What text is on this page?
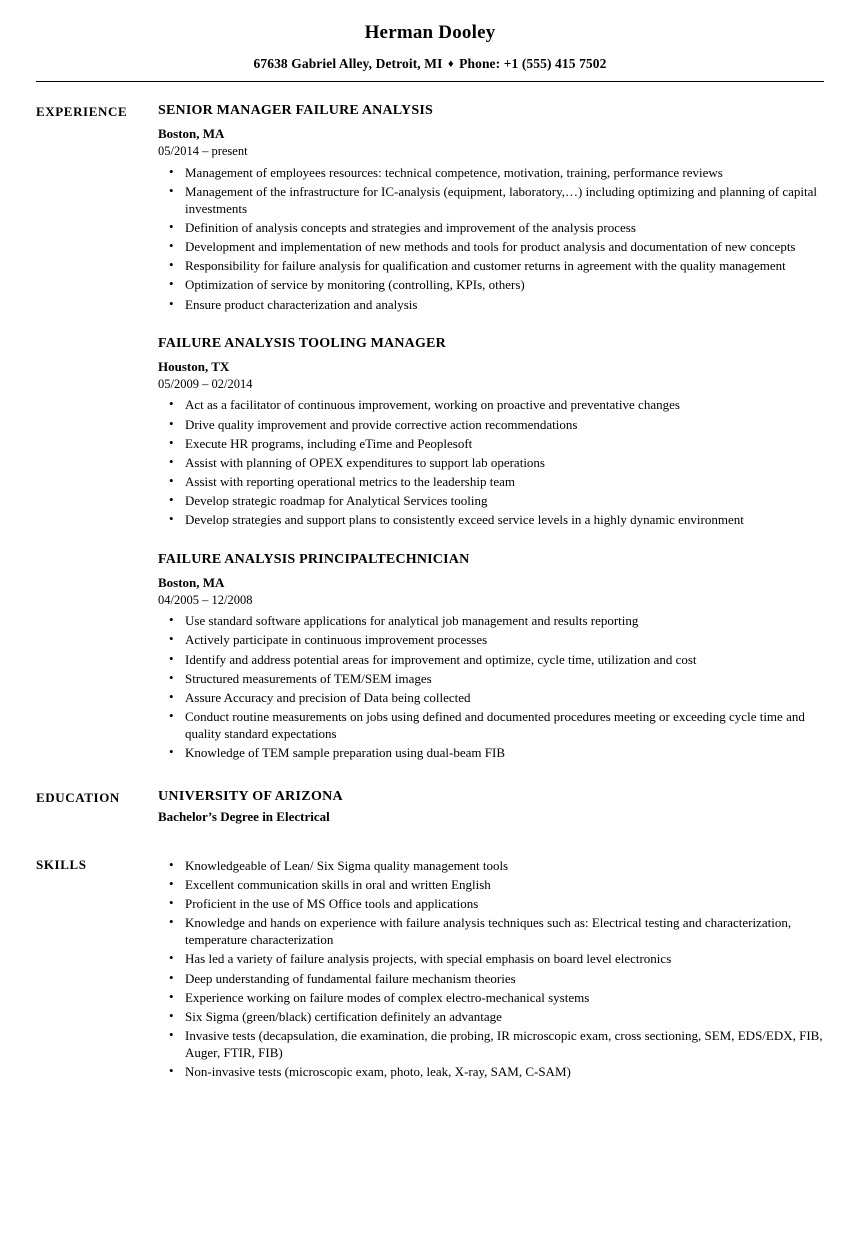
Herman Dooley
67638 Gabriel Alley, Detroit, MI ♦ Phone: +1 (555) 415 7502
EXPERIENCE	SENIOR MANAGER FAILURE ANALYSIS
Boston, MA
05/2014 – present
• Management of employees resources: technical competence, motivation, training, performance reviews
• Management of the infrastructure for IC-analysis (equipment, laboratory,…) including optimizing and planning of capital investments
• Definition of analysis concepts and strategies and improvement of the analysis process
• Development and implementation of new methods and tools for product analysis and documentation of new concepts
• Responsibility for failure analysis for qualification and customer returns in agreement with the quality management
• Optimization of service by monitoring (controlling, KPIs, others)
• Ensure product characterization and analysis
FAILURE ANALYSIS TOOLING MANAGER
Houston, TX
05/2009 – 02/2014
• Act as a facilitator of continuous improvement, working on proactive and preventative changes
• Drive quality improvement and provide corrective action recommendations
• Execute HR programs, including eTime and Peoplesoft
• Assist with planning of OPEX expenditures to support lab operations
• Assist with reporting operational metrics to the leadership team
• Develop strategic roadmap for Analytical Services tooling
• Develop strategies and support plans to consistently exceed service levels in a highly dynamic environment
FAILURE ANALYSIS PRINCIPALTECHNICIAN
Boston, MA
04/2005 – 12/2008
• Use standard software applications for analytical job management and results reporting
• Actively participate in continuous improvement processes
• Identify and address potential areas for improvement and optimize, cycle time, utilization and cost
• Structured measurements of TEM/SEM images
• Assure Accuracy and precision of Data being collected
• Conduct routine measurements on jobs using defined and documented procedures meeting or exceeding cycle time and quality standard expectations
• Knowledge of TEM sample preparation using dual-beam FIB
EDUCATION	UNIVERSITY OF ARIZONA
Bachelor’s Degree in Electrical
SKILLS	• Knowledgeable of Lean/ Six Sigma quality management tools
• Excellent communication skills in oral and written English
• Proficient in the use of MS Office tools and applications
• Knowledge and hands on experience with failure analysis techniques such as: Electrical testing and characterization, temperature characterization
• Has led a variety of failure analysis projects, with special emphasis on board level electronics
• Deep understanding of fundamental failure mechanism theories
• Experience working on failure modes of complex electro-mechanical systems
• Six Sigma (green/black) certification definitely an advantage
• Invasive tests (decapsulation, die examination, die probing, IR microscopic exam, cross sectioning, SEM, EDS/EDX, FIB, Auger, FTIR, FIB)
• Non-invasive tests (microscopic exam, photo, leak, X-ray, SAM, C-SAM)
